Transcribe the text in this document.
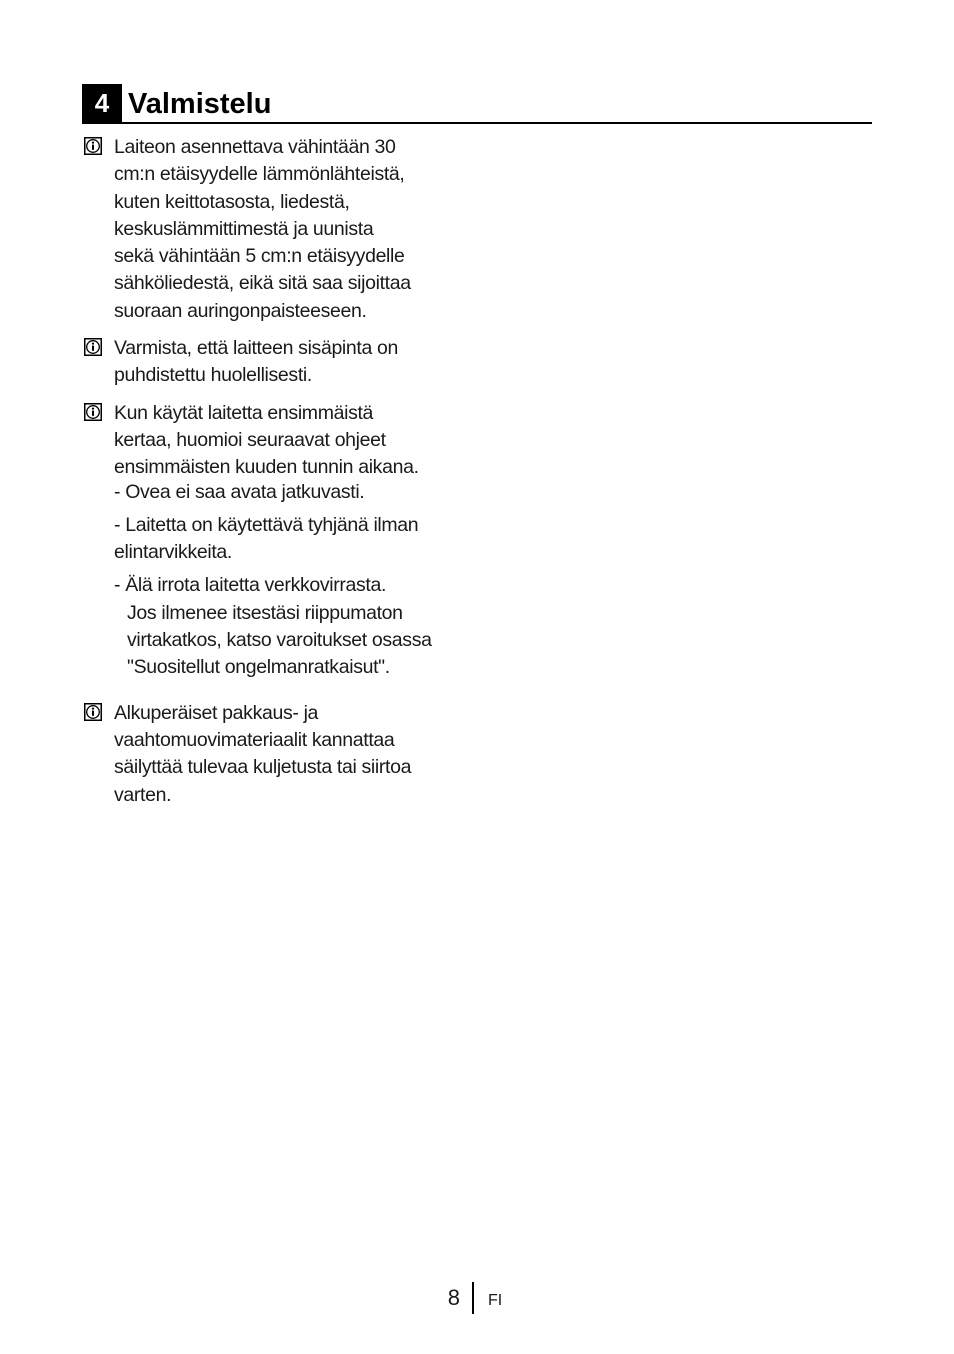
4 Valmistelu

Laiteon asennettava vähintään 30
cm:n etäisyydelle lämmönlähteistä,
kuten keittotasosta, liedestä,
keskuslämmittimestä ja uunista
sekä vähintään 5 cm:n etäisyydelle
sähköliedestä, eikä sitä saa sijoittaa
suoraan auringonpaisteeseen.

Varmista, että laitteen sisäpinta on
puhdistettu huolellisesti.

Kun käytät laitetta ensimmäistä
kertaa, huomioi seuraavat ohjeet
ensimmäisten kuuden tunnin aikana.

- Ovea ei saa avata jatkuvasti.

- Laitetta on käytettävä tyhjänä ilman
elintarvikkeita.

- Älä irrota laitetta verkkovirrasta.

Jos ilmenee itsestäsi riippumaton
virtakatkos, katso varoitukset osassa
"Suositellut ongelmanratkaisut".

Alkuperäiset pakkaus- ja
vaahtomuovimateriaalit kannattaa
säilyttää tulevaa kuljetusta tai siirtoa
varten.

8 FI
